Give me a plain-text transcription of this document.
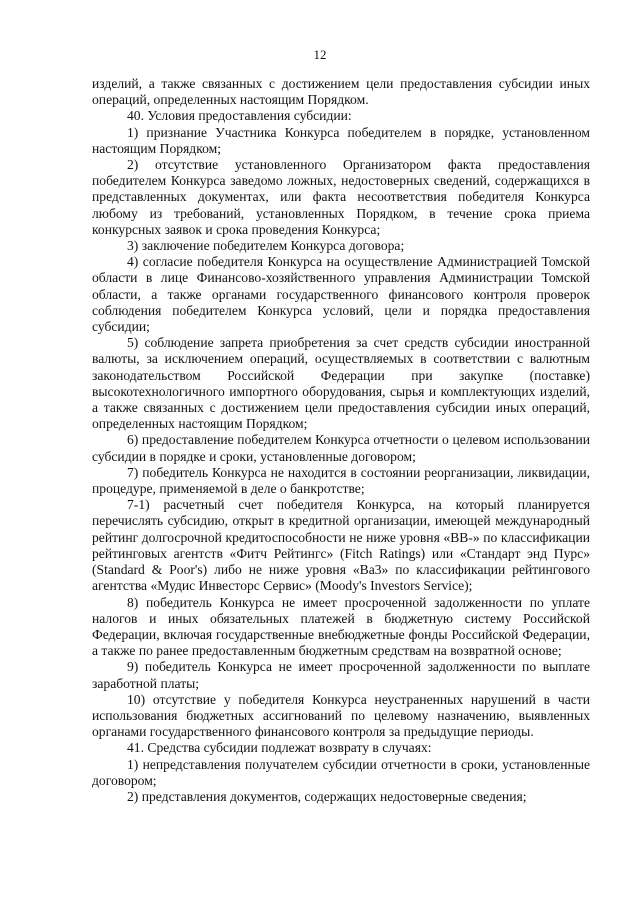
12

изделий, а также связанных с достижением цели предоставления субсидии иных операций, определенных настоящим Порядком.

40. Условия предоставления субсидии:

1) признание Участника Конкурса победителем в порядке, установленном настоящим Порядком;

2) отсутствие установленного Организатором факта предоставления победителем Конкурса заведомо ложных, недостоверных сведений, содержащихся в представленных документах, или факта несоответствия победителя Конкурса любому из требований, установленных Порядком, в течение срока приема конкурсных заявок и срока проведения Конкурса;

3) заключение победителем Конкурса договора;

4) согласие победителя Конкурса на осуществление Администрацией Томской области в лице Финансово-хозяйственного управления Администрации Томской области, а также органами государственного финансового контроля проверок соблюдения победителем Конкурса условий, цели и порядка предоставления субсидии;

5) соблюдение запрета приобретения за счет средств субсидии иностранной валюты, за исключением операций, осуществляемых в соответствии с валютным законодательством Российской Федерации при закупке (поставке) высокотехнологичного импортного оборудования, сырья и комплектующих изделий, а также связанных с достижением цели предоставления субсидии иных операций, определенных настоящим Порядком;

6) предоставление победителем Конкурса отчетности о целевом использовании субсидии в порядке и сроки, установленные договором;

7) победитель Конкурса не находится в состоянии реорганизации, ликвидации, процедуре, применяемой в деле о банкротстве;

7-1) расчетный счет победителя Конкурса, на который планируется перечислять субсидию, открыт в кредитной организации, имеющей международный рейтинг долгосрочной кредитоспособности не ниже уровня «BB-» по классификации рейтинговых агентств «Фитч Рейтингс» (Fitch Ratings) или «Стандарт энд Пурс» (Standard & Poor's) либо не ниже уровня «Ba3» по классификации рейтингового агентства «Мудис Инвесторс Сервис» (Moody's Investors Service);

8) победитель Конкурса не имеет просроченной задолженности по уплате налогов и иных обязательных платежей в бюджетную систему Российской Федерации, включая государственные внебюджетные фонды Российской Федерации, а также по ранее предоставленным бюджетным средствам на возвратной основе;

9) победитель Конкурса не имеет просроченной задолженности по выплате заработной платы;

10) отсутствие у победителя Конкурса неустраненных нарушений в части использования бюджетных ассигнований по целевому назначению, выявленных органами государственного финансового контроля за предыдущие периоды.

41. Средства субсидии подлежат возврату в случаях:

1) непредставления получателем субсидии отчетности в сроки, установленные договором;

2) представления документов, содержащих недостоверные сведения;
